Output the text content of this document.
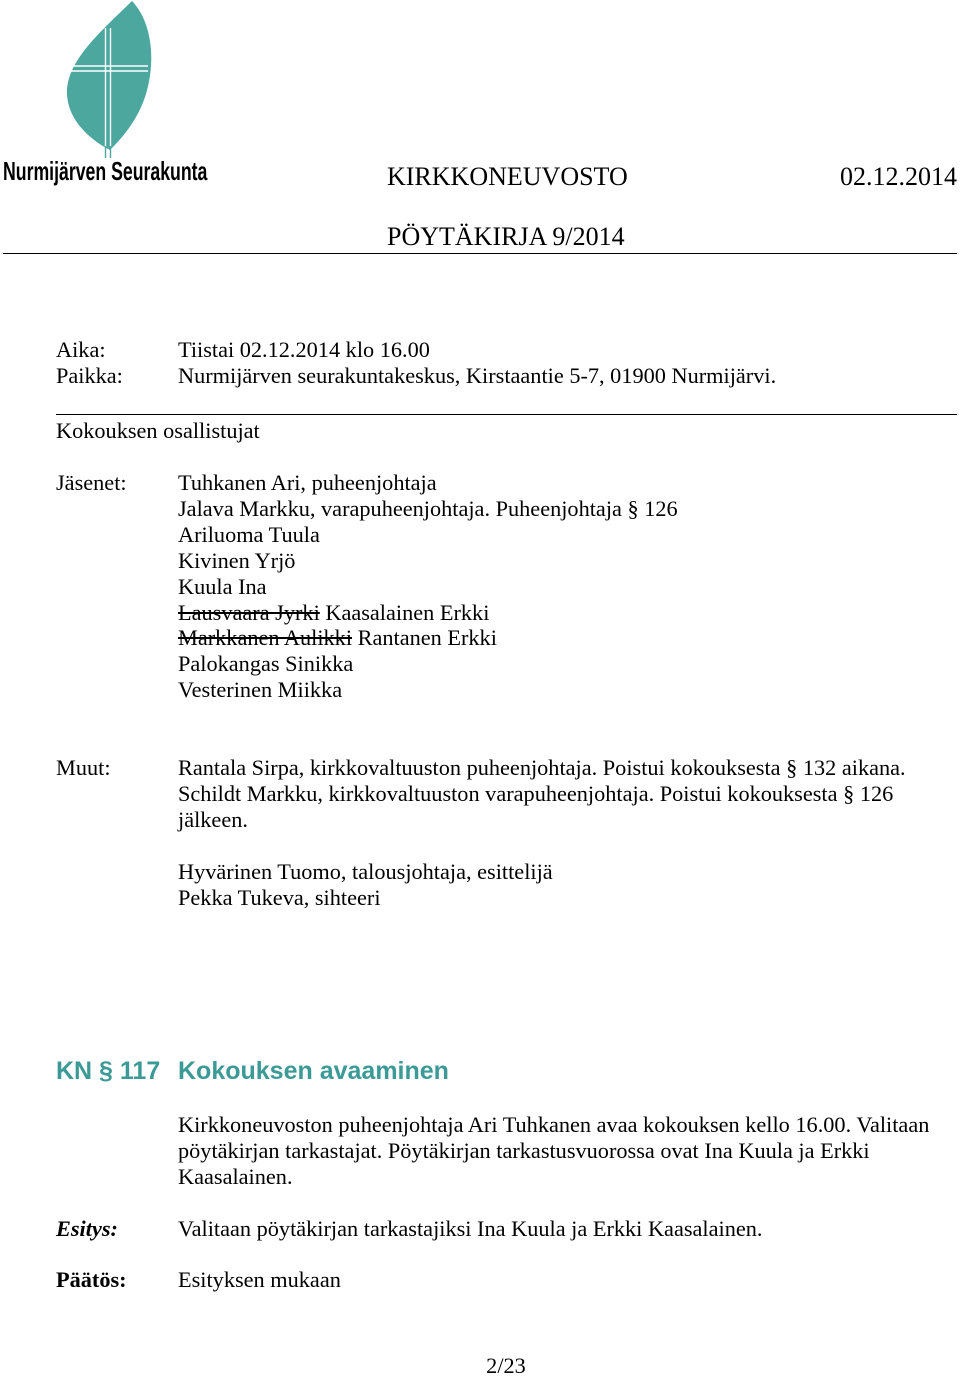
Nurmijärven Seurakunta	KIRKKONEUVOSTO	02.12.2014
PÖYTÄKIRJA 9/2014
Aika:	Tiistai 02.12.2014 klo 16.00
Paikka: Nurmijärven seurakuntakeskus, Kirstaantie 5-7, 01900 Nurmijärvi.
Kokouksen osallistujat
Jäsenet: Tuhkanen Ari, puheenjohtaja
Jalava Markku, varapuheenjohtaja. Puheenjohtaja § 126
Ariluoma Tuula
Kivinen Yrjö
Kuula Ina
Lausvaara Jyrki Kaasalainen Erkki
Markkanen Aulikki Rantanen Erkki
Palokangas Sinikka
Vesterinen Miikka
Muut:	Rantala Sirpa, kirkkovaltuuston puheenjohtaja. Poistui kokouksesta § 132 aikana.
Schildt Markku, kirkkovaltuuston varapuheenjohtaja. Poistui kokouksesta § 126 jälkeen.
Hyvärinen Tuomo, talousjohtaja, esittelijä
Pekka Tukeva, sihteeri
KN § 117 Kokouksen avaaminen
Kirkkoneuvoston puheenjohtaja Ari Tuhkanen avaa kokouksen kello 16.00. Valitaan pöytäkirjan tarkastajat. Pöytäkirjan tarkastusvuorossa ovat Ina Kuula ja Erkki Kaasalainen.
Esitys:	Valitaan pöytäkirjan tarkastajiksi Ina Kuula ja Erkki Kaasalainen.
Päätös: Esityksen mukaan
2/23
